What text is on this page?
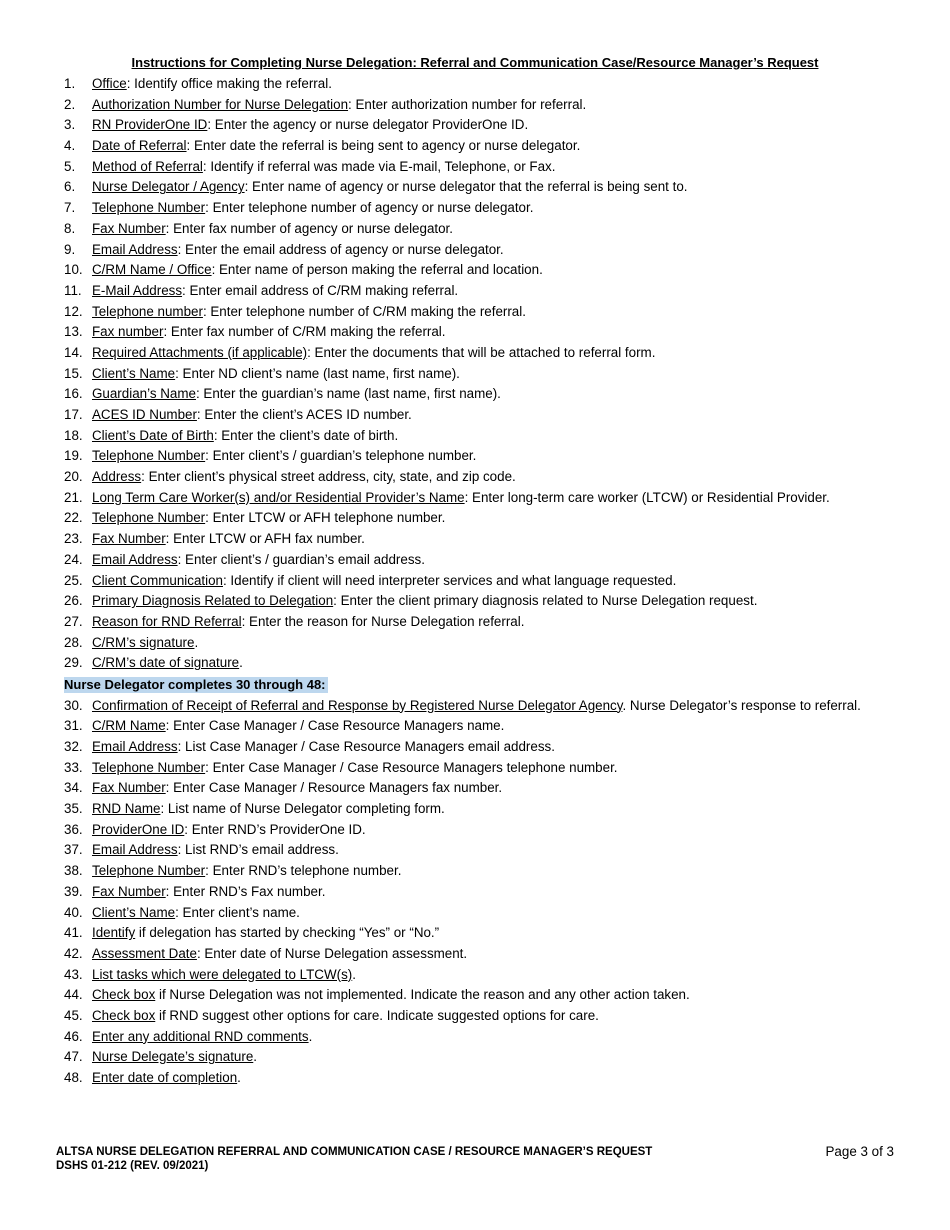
Instructions for Completing Nurse Delegation: Referral and Communication Case/Resource Manager’s Request
1. Office: Identify office making the referral.
2. Authorization Number for Nurse Delegation: Enter authorization number for referral.
3. RN ProviderOne ID: Enter the agency or nurse delegator ProviderOne ID.
4. Date of Referral: Enter date the referral is being sent to agency or nurse delegator.
5. Method of Referral: Identify if referral was made via E-mail, Telephone, or Fax.
6. Nurse Delegator / Agency: Enter name of agency or nurse delegator that the referral is being sent to.
7. Telephone Number: Enter telephone number of agency or nurse delegator.
8. Fax Number: Enter fax number of agency or nurse delegator.
9. Email Address: Enter the email address of agency or nurse delegator.
10. C/RM Name / Office: Enter name of person making the referral and location.
11. E-Mail Address: Enter email address of C/RM making referral.
12. Telephone number: Enter telephone number of C/RM making the referral.
13. Fax number: Enter fax number of C/RM making the referral.
14. Required Attachments (if applicable): Enter the documents that will be attached to referral form.
15. Client’s Name: Enter ND client’s name (last name, first name).
16. Guardian’s Name: Enter the guardian’s name (last name, first name).
17. ACES ID Number: Enter the client’s ACES ID number.
18. Client’s Date of Birth: Enter the client’s date of birth.
19. Telephone Number: Enter client’s / guardian’s telephone number.
20. Address: Enter client’s physical street address, city, state, and zip code.
21. Long Term Care Worker(s) and/or Residential Provider’s Name: Enter long-term care worker (LTCW) or Residential Provider.
22. Telephone Number: Enter LTCW or AFH telephone number.
23. Fax Number: Enter LTCW or AFH fax number.
24. Email Address: Enter client’s / guardian’s email address.
25. Client Communication: Identify if client will need interpreter services and what language requested.
26. Primary Diagnosis Related to Delegation: Enter the client primary diagnosis related to Nurse Delegation request.
27. Reason for RND Referral: Enter the reason for Nurse Delegation referral.
28. C/RM’s signature.
29. C/RM’s date of signature.
Nurse Delegator completes 30 through 48:
30. Confirmation of Receipt of Referral and Response by Registered Nurse Delegator Agency. Nurse Delegator’s response to referral.
31. C/RM Name: Enter Case Manager / Case Resource Managers name.
32. Email Address: List Case Manager / Case Resource Managers email address.
33. Telephone Number: Enter Case Manager / Case Resource Managers telephone number.
34. Fax Number: Enter Case Manager / Resource Managers fax number.
35. RND Name: List name of Nurse Delegator completing form.
36. ProviderOne ID: Enter RND’s ProviderOne ID.
37. Email Address: List RND’s email address.
38. Telephone Number: Enter RND’s telephone number.
39. Fax Number: Enter RND’s Fax number.
40. Client’s Name: Enter client’s name.
41. Identify if delegation has started by checking “Yes” or “No.”
42. Assessment Date: Enter date of Nurse Delegation assessment.
43. List tasks which were delegated to LTCW(s).
44. Check box if Nurse Delegation was not implemented. Indicate the reason and any other action taken.
45. Check box if RND suggest other options for care. Indicate suggested options for care.
46. Enter any additional RND comments.
47. Nurse Delegate’s signature.
48. Enter date of completion.
ALTSA NURSE DELEGATION REFERRAL AND COMMUNICATION CASE / RESOURCE MANAGER’S REQUEST
DSHS 01-212 (REV. 09/2021)
Page 3 of 3
